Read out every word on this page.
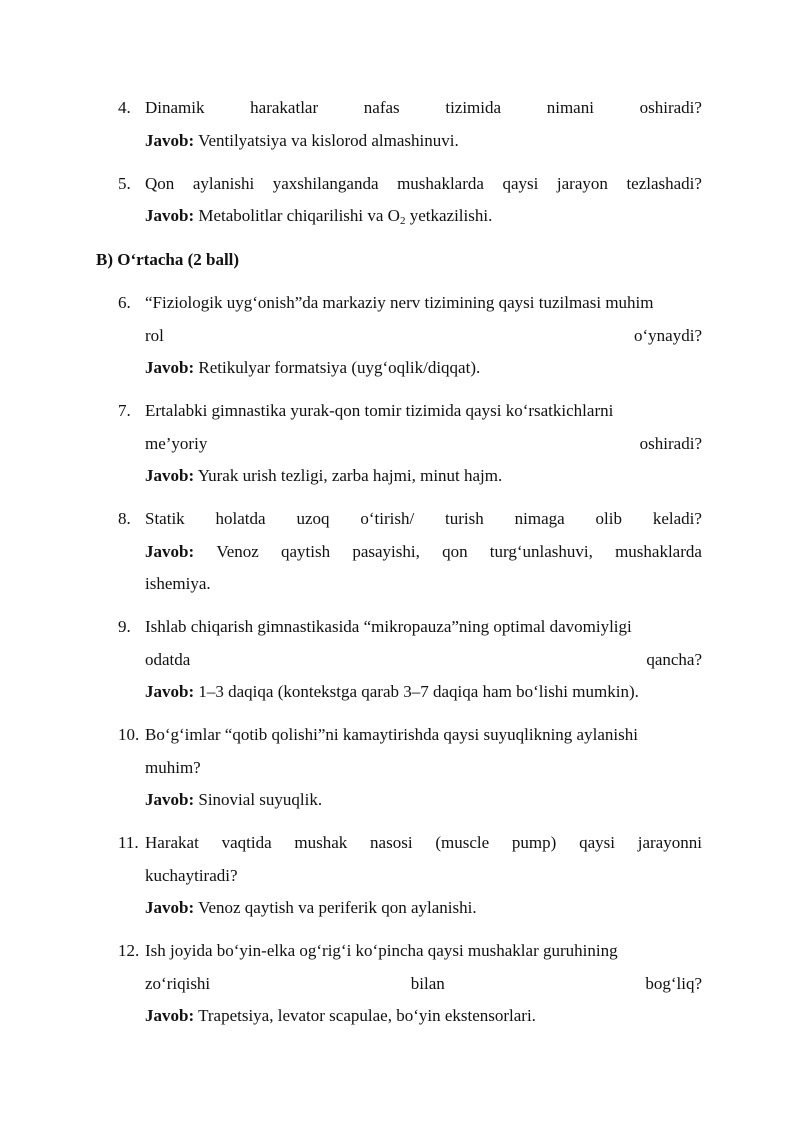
4. Dinamik	harakatlar	nafas	tizimida	nimani	oshiradi?
Javob: Ventilyatsiya va kislorod almashinuvi.
5. Qon aylanishi yaxshilanganda mushaklarda qaysi jarayon tezlashadi?
Javob: Metabolitlar chiqarilishi va $O_2$ yetkazilishi.
B) O‘rtacha (2 ball)
6. “Fiziologik uyg‘onish”da markaziy nerv tizimining qaysi tuzilmasi muhim
rol	o‘ynaydi?
Javob: Retikulyar formatsiya (uyg‘oqlik/diqqat).
7. Ertalabki gimnastika yurak-qon tomir tizimida qaysi ko‘rsatkichlarni
me’yoriy	oshiradi?
Javob: Yurak urish tezligi, zarba hajmi, minut hajm.
8. Statik holatda uzoq o‘tirish/ turish nimaga olib keladi?
Javob: Venoz qaytish pasayishi, qon turg‘unlashuvi, mushaklarda
ishemiya.
9. Ishlab chiqarish gimnastikasida “mikropauza”ning optimal davomiyligi
odatda	qancha?
Javob: 1–3 daqiqa (kontekstga qarab 3–7 daqiqa ham bo‘lishi mumkin).
10. Bo‘g‘imlar “qotib qolishi”ni kamaytirishda qaysi suyuqlikning aylanishi
muhim?
Javob: Sinovial suyuqlik.
11. Harakat vaqtida mushak nasosi (muscle pump) qaysi jarayonni
kuchaytiradi?
Javob: Venoz qaytish va periferik qon aylanishi.
12. Ish joyida bo‘yin-elka og‘rig‘i ko‘pincha qaysi mushaklar guruhining
zo‘riqishi	bilan	bog‘liq?
Javob: Trapetsiya, levator scapulae, bo‘yin ekstensorlari.
